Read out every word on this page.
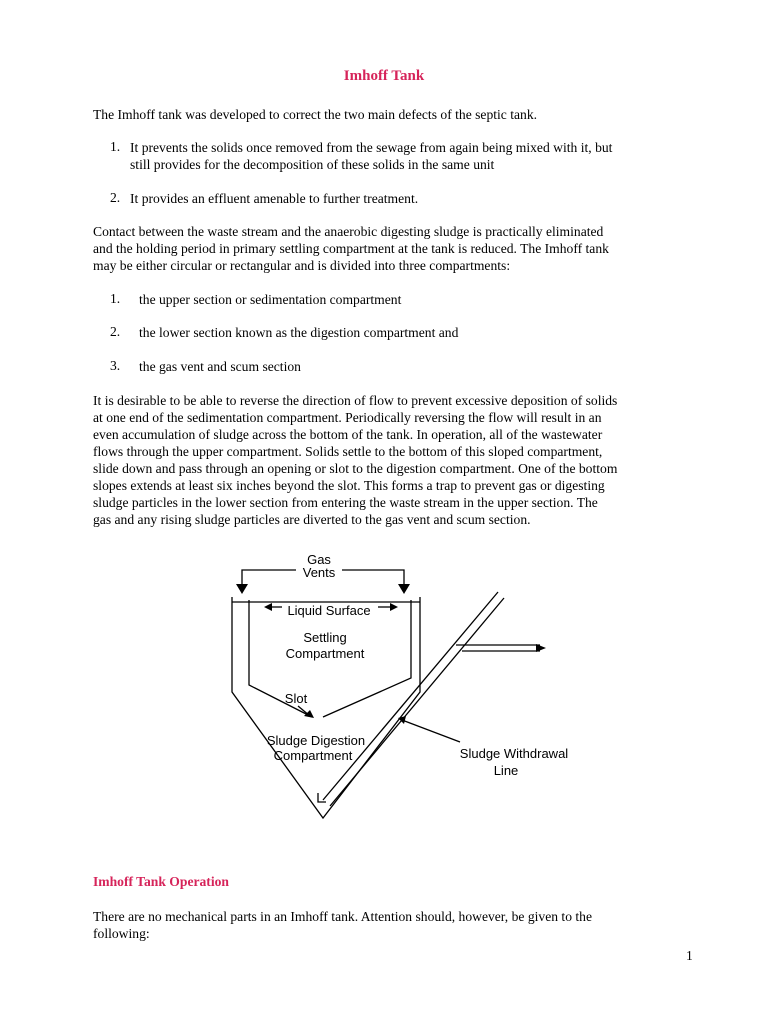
Imhoff Tank

The Imhoff tank was developed to correct the two main defects of the septic tank.

1. It prevents the solids once removed from the sewage from again being mixed with it, but
still provides for the decomposition of these solids in the same unit
2. It provides an effluent amenable to further treatment.
Contact between the waste stream and the anaerobic digesting sludge is practically eliminated
and the holding period in primary settling compartment at the tank is reduced. The Imhoff tank
may be either circular or rectangular and is divided into three compartments:
1. the upper section or sedimentation compartment
2. the lower section known as the digestion compartment and
3. the gas vent and scum section
It is desirable to be able to reverse the direction of flow to prevent excessive deposition of solids
at one end of the sedimentation compartment. Periodically reversing the flow will result in an
even accumulation of sludge across the bottom of the tank. In operation, all of the wastewater
flows through the upper compartment. Solids settle to the bottom of this sloped compartment,
slide down and pass through an opening or slot to the digestion compartment. One of the bottom
slopes extends at least six inches beyond the slot. This forms a trap to prevent gas or digesting
sludge particles in the lower section from entering the waste stream in the upper section. The
gas and any rising sludge particles are diverted to the gas vent and scum section.
Gas
Vents
Liquid Surface
Settling
Compartment
Slot
Sludge Digestion
Compartment	Sludge Withdrawal
Line
Imhoff Tank Operation
There are no mechanical parts in an Imhoff tank. Attention should, however, be given to the
following:
1
